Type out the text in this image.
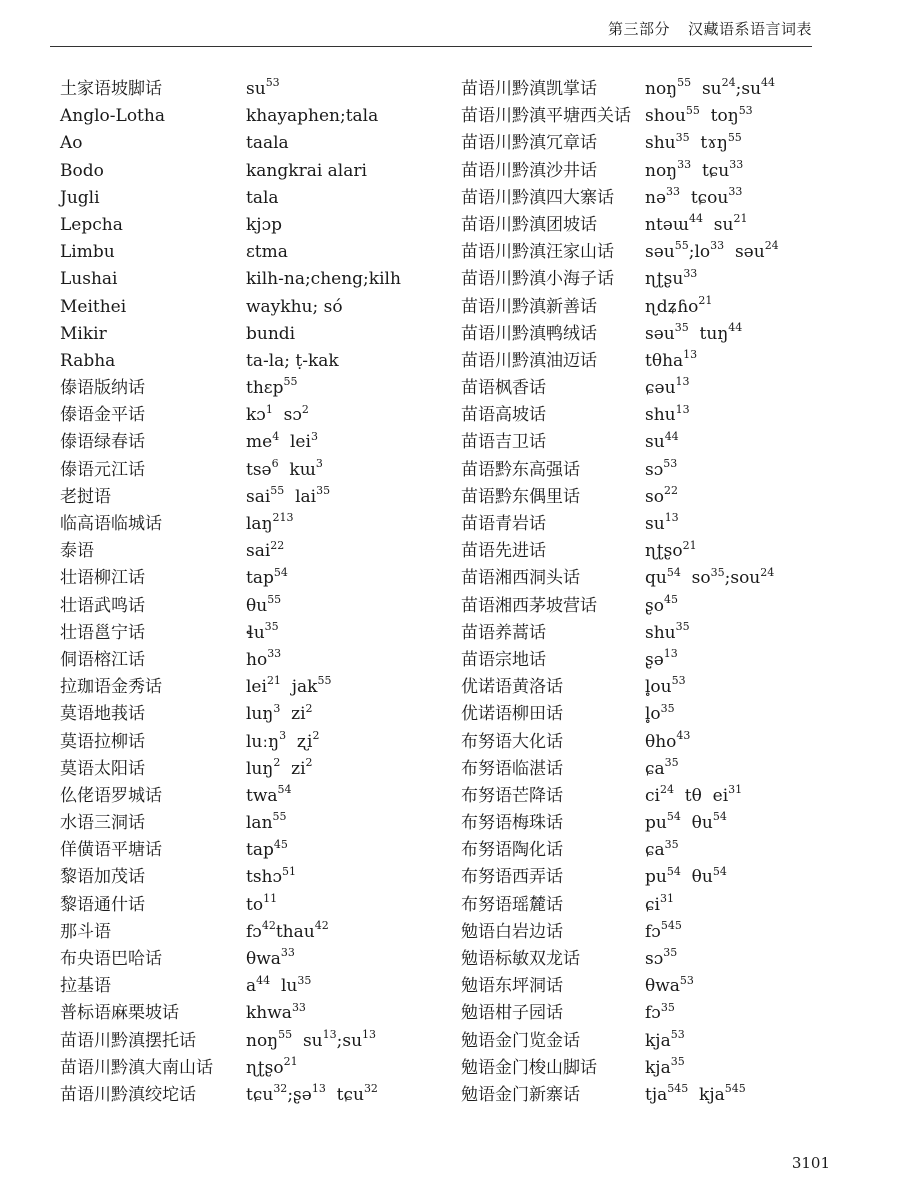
第三部分 汉藏语系语言词表
土家语坡脚话	$su^{53}$
Anglo-Lotha	khayaphen;tala
Ao	taala
Bodo	kangkrai alari
Jugli	tala
Lepcha	kjɔp
Limbu	ɛtma
Lushai	kilh-na;cheng;kilh
Meithei	waykhu; só
Mikir	bundi
Rabha	ta-la; ṭ-kak
傣语版纳话	thɛp$^{55}$
傣语金平话	kɔ$^1$  sɔ$^2$
傣语绿春话	$me^4$  lei$^3$
傣语元江话	tsə$^6$  kɯ$^3$
老挝语	sai$^{55}$  lai$^{35}$
临高语临城话	laŋ$^{213}$
泰语	sai$^{22}$
壮语柳江话	tap$^{54}$
壮语武鸣话	$\theta u^{55}$
壮语邕宁话	ɬu$^{35}$
侗语榕江话	$ho^{33}$
拉珈语金秀话	lei$^{21}$  jak$^{55}$
莫语地莪话	luŋ$^3$  $zi^2$
莫语拉柳话	luːŋ$^3$  ʐi$^2$
莫语太阳话	luŋ$^2$  $zi^2$
仫佬语罗城话	twa$^{54}$
水语三洞话	lan$^{55}$
佯僙语平塘话	tap$^{45}$
黎语加茂话	tshɔ$^{51}$
黎语通什话	$to^{11}$
那斗语	fɔ$^{42}$thau$^{42}$
布央语巴哈话	θwa$^{33}$
拉基语	$a^{44}$  $lu^{35}$
普标语麻栗坡话	khwa$^{33}$
苗语川黔滇摆托话	noŋ$^{55}$  $su^{13};su^{13}$
苗语川黔滇大南山话 ɳʈʂo$^{21}$
苗语川黔滇绞坨话	tɕu$^{32}$;ʂə$^{13}$  tɕu$^{32}$
苗语川黔滇凯掌话	noŋ$^{55}$  $su^{24};su^{44}$
苗语川黔滇平塘西关话 shou$^{55}$  toŋ$^{53}$
苗语川黔滇冗章话	shu$^{35}$  tɤŋ$^{55}$
苗语川黔滇沙井话	noŋ$^{33}$  tɕu$^{33}$
苗语川黔滇四大寨话 nə$^{33}$  tɕou$^{33}$
苗语川黔滇团坡话	ntəɯ$^{44}$  $su^{21}$
苗语川黔滇汪家山话 $səu^{55};lo^{33}$  səu$^{24}$
苗语川黔滇小海子话 ɳʈʂu$^{33}$
苗语川黔滇新善话	ɳdʑɦo$^{21}$
苗语川黔滇鸭绒话	səu$^{35}$  tuŋ$^{44}$
苗语川黔滇油迈话	tθha$^{13}$
苗语枫香话	ɕəu$^{13}$
苗语高坡话	shu$^{13}$
苗语吉卫话	$su^{44}$
苗语黔东高强话	sɔ$^{53}$
苗语黔东偶里话	$so^{22}$
苗语青岩话	$su^{13}$
苗语先进话	ɳʈʂo$^{21}$
苗语湘西洞头话	$qu^{54}$  $so^{35};sou^{24}$
苗语湘西茅坡营话	ʂo$^{45}$
苗语养蒿话	shu$^{35}$
苗语宗地话	ʂə$^{13}$
优诺语黄洛话	$l̥ou^{53}$
优诺语柳田话	$l̥o^{35}$
布努语大化话	θho$^{43}$
布努语临湛话	ɕa$^{35}$
布努语芒降话	$ci^{24}$  tθ  $ei^{31}$
布努语梅珠话	$pu^{54}$  $\theta u^{54}$
布努语陶化话	ɕa$^{35}$
布努语西弄话	$pu^{54}$  $\theta u^{54}$
布努语瑶麓话	ɕi$^{31}$
勉语白岩边话	fɔ$^{545}$
勉语标敏双龙话	sɔ$^{35}$
勉语东坪洞话	θwa$^{53}$
勉语柑子园话	fɔ$^{35}$
勉语金门览金话	kja$^{53}$
勉语金门梭山脚话	kja$^{35}$
勉语金门新寨话	tja$^{545}$  kja$^{545}$
3101
